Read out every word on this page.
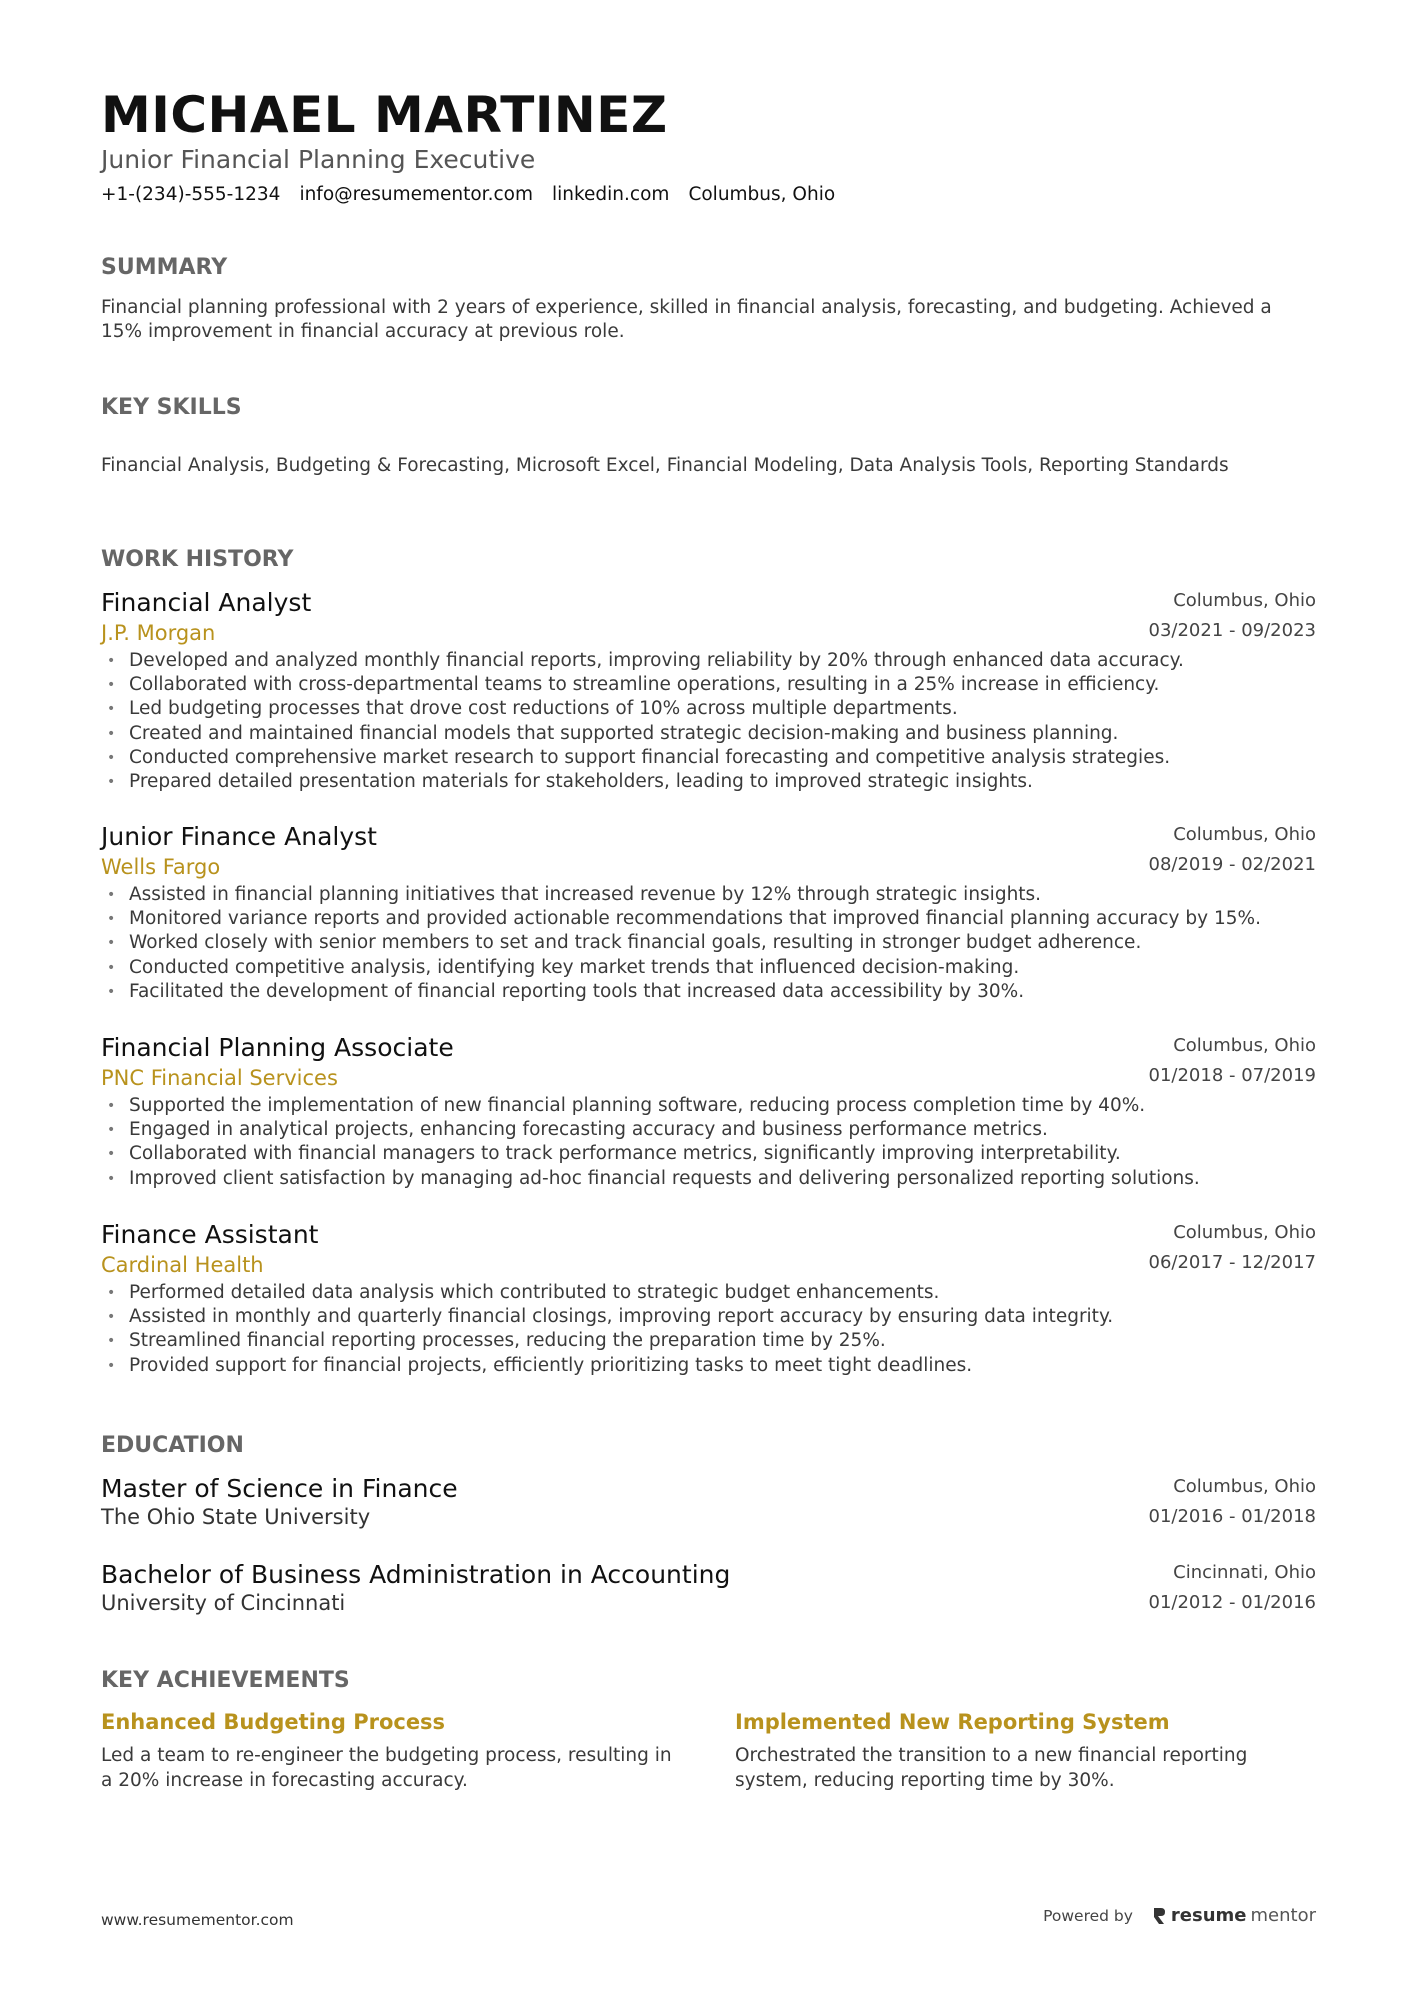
MICHAEL MARTINEZ
Junior Financial Planning Executive
+1-(234)-555-1234 info@resumementor.com linkedin.com Columbus, Ohio
SUMMARY
Financial planning professional with 2 years of experience, skilled in financial analysis, forecasting, and budgeting. Achieved a 15% improvement in financial accuracy at previous role.
KEY SKILLS
Financial Analysis, Budgeting & Forecasting, Microsoft Excel, Financial Modeling, Data Analysis Tools, Reporting Standards
WORK HISTORY
Financial Analyst
J.P. Morgan
Columbus, Ohio
03/2021 - 09/2023
• Developed and analyzed monthly financial reports, improving reliability by 20% through enhanced data accuracy.
• Collaborated with cross-departmental teams to streamline operations, resulting in a 25% increase in efficiency.
• Led budgeting processes that drove cost reductions of 10% across multiple departments.
• Created and maintained financial models that supported strategic decision-making and business planning.
• Conducted comprehensive market research to support financial forecasting and competitive analysis strategies.
• Prepared detailed presentation materials for stakeholders, leading to improved strategic insights.
Junior Finance Analyst
Wells Fargo
Columbus, Ohio
08/2019 - 02/2021
• Assisted in financial planning initiatives that increased revenue by 12% through strategic insights.
• Monitored variance reports and provided actionable recommendations that improved financial planning accuracy by 15%.
• Worked closely with senior members to set and track financial goals, resulting in stronger budget adherence.
• Conducted competitive analysis, identifying key market trends that influenced decision-making.
• Facilitated the development of financial reporting tools that increased data accessibility by 30%.
Financial Planning Associate
PNC Financial Services
Columbus, Ohio
01/2018 - 07/2019
• Supported the implementation of new financial planning software, reducing process completion time by 40%.
• Engaged in analytical projects, enhancing forecasting accuracy and business performance metrics.
• Collaborated with financial managers to track performance metrics, significantly improving interpretability.
• Improved client satisfaction by managing ad-hoc financial requests and delivering personalized reporting solutions.
Finance Assistant
Cardinal Health
Columbus, Ohio
06/2017 - 12/2017
• Performed detailed data analysis which contributed to strategic budget enhancements.
• Assisted in monthly and quarterly financial closings, improving report accuracy by ensuring data integrity.
• Streamlined financial reporting processes, reducing the preparation time by 25%.
• Provided support for financial projects, efficiently prioritizing tasks to meet tight deadlines.
EDUCATION
Master of Science in Finance
The Ohio State University
Columbus, Ohio
01/2016 - 01/2018
Bachelor of Business Administration in Accounting
University of Cincinnati
Cincinnati, Ohio
01/2012 - 01/2016
KEY ACHIEVEMENTS
Enhanced Budgeting Process
Led a team to re-engineer the budgeting process, resulting in a 20% increase in forecasting accuracy.
Implemented New Reporting System
Orchestrated the transition to a new financial reporting system, reducing reporting time by 30%.
www.resumementor.com	Powered by resume mentor
